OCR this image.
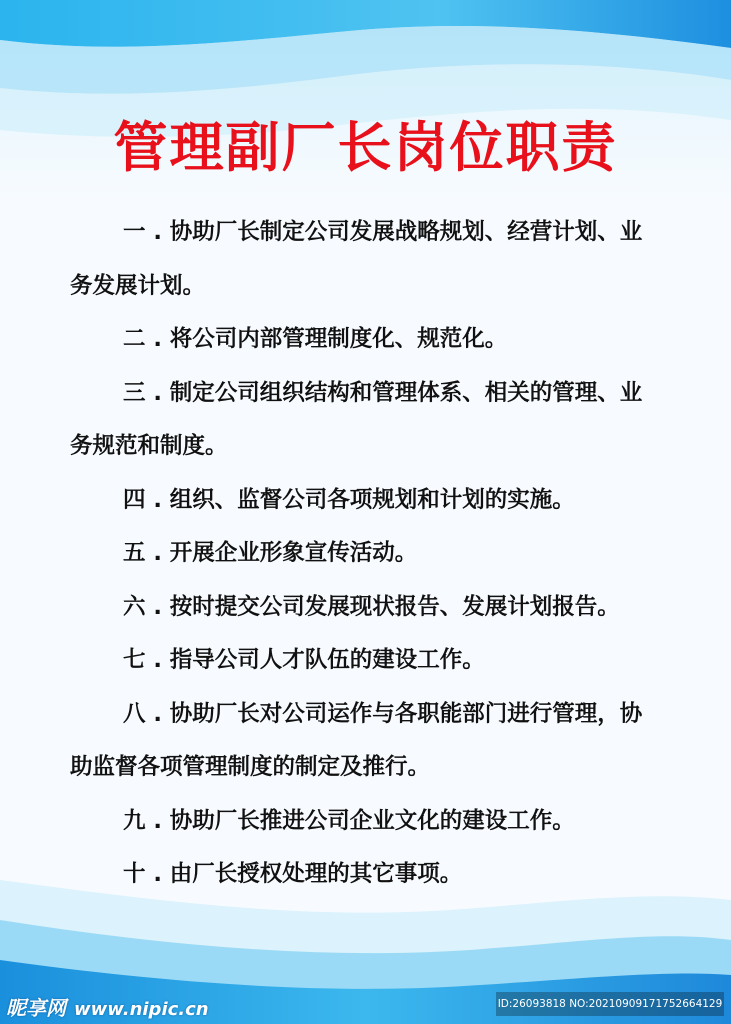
管理副厂长岗位职责

一 . 协助厂长制定公司发展战略规划、经营计划、业务发展计划。

二 . 将公司内部管理制度化、规范化。

三 . 制定公司组织结构和管理体系、相关的管理、业务规范和制度。

四 . 组织、监督公司各项规划和计划的实施。

五 . 开展企业形象宣传活动。

六 . 按时提交公司发展现状报告、发展计划报告。

七 . 指导公司人才队伍的建设工作。

八 . 协助厂长对公司运作与各职能部门进行管理，协助监督各项管理制度的制定及推行。

九 . 协助厂长推进公司企业文化的建设工作。

十 . 由厂长授权处理的其它事项。

昵享网 www.nipic.cn	ID:26093818 NO:20210909171752664129
